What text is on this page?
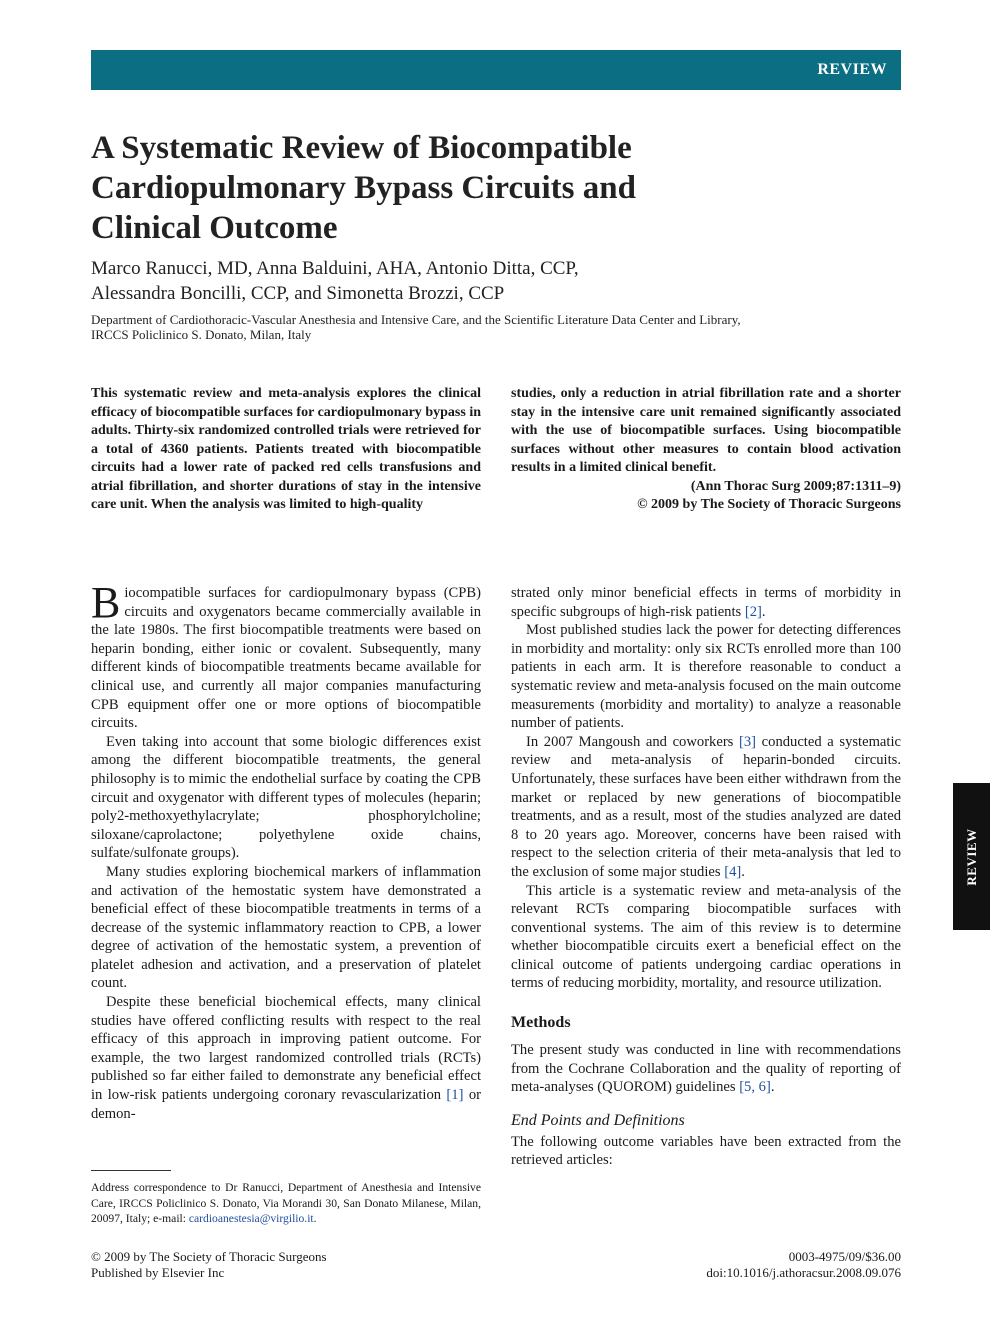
REVIEW
REVIEW
A Systematic Review of Biocompatible Cardiopulmonary Bypass Circuits and Clinical Outcome
Marco Ranucci, MD, Anna Balduini, AHA, Antonio Ditta, CCP,
Alessandra Boncilli, CCP, and Simonetta Brozzi, CCP
Department of Cardiothoracic-Vascular Anesthesia and Intensive Care, and the Scientific Literature Data Center and Library,
IRCCS Policlinico S. Donato, Milan, Italy
This systematic review and meta-analysis explores the clinical efficacy of biocompatible surfaces for cardiopulmonary bypass in adults. Thirty-six randomized controlled trials were retrieved for a total of 4360 patients. Patients treated with biocompatible circuits had a lower rate of packed red cells transfusions and atrial fibrillation, and shorter durations of stay in the intensive care unit. When the analysis was limited to high-quality
studies, only a reduction in atrial fibrillation rate and a shorter stay in the intensive care unit remained significantly associated with the use of biocompatible surfaces. Using biocompatible surfaces without other measures to contain blood activation results in a limited clinical benefit.
(Ann Thorac Surg 2009;87:1311–9)
© 2009 by The Society of Thoracic Surgeons

Biocompatible surfaces for cardiopulmonary bypass (CPB) circuits and oxygenators became commercially available in the late 1980s. The first biocompatible treatments were based on heparin bonding, either ionic or covalent. Subsequently, many different kinds of biocompatible treatments became available for clinical use, and currently all major companies manufacturing CPB equipment offer one or more options of biocompatible circuits.

Even taking into account that some biologic differences exist among the different biocompatible treatments, the general philosophy is to mimic the endothelial surface by coating the CPB circuit and oxygenator with different types of molecules (heparin; poly2-methoxyethylacrylate; phosphorylcholine; siloxane/caprolactone; polyethylene oxide chains, sulfate/sulfonate groups).

Many studies exploring biochemical markers of inflammation and activation of the hemostatic system have demonstrated a beneficial effect of these biocompatible treatments in terms of a decrease of the systemic inflammatory reaction to CPB, a lower degree of activation of the hemostatic system, a prevention of platelet adhesion and activation, and a preservation of platelet count.

Despite these beneficial biochemical effects, many clinical studies have offered conflicting results with respect to the real efficacy of this approach in improving patient outcome. For example, the two largest randomized controlled trials (RCTs) published so far either failed to demonstrate any beneficial effect in low-risk patients undergoing coronary revascularization [1] or demon-

strated only minor beneficial effects in terms of morbidity in specific subgroups of high-risk patients [2].

Most published studies lack the power for detecting differences in morbidity and mortality: only six RCTs enrolled more than 100 patients in each arm. It is therefore reasonable to conduct a systematic review and meta-analysis focused on the main outcome measurements (morbidity and mortality) to analyze a reasonable number of patients.

In 2007 Mangoush and coworkers [3] conducted a systematic review and meta-analysis of heparin-bonded circuits. Unfortunately, these surfaces have been either withdrawn from the market or replaced by new generations of biocompatible treatments, and as a result, most of the studies analyzed are dated 8 to 20 years ago. Moreover, concerns have been raised with respect to the selection criteria of their meta-analysis that led to the exclusion of some major studies [4].

This article is a systematic review and meta-analysis of the relevant RCTs comparing biocompatible surfaces with conventional systems. The aim of this review is to determine whether biocompatible circuits exert a beneficial effect on the clinical outcome of patients undergoing cardiac operations in terms of reducing morbidity, mortality, and resource utilization.

Methods

The present study was conducted in line with recommendations from the Cochrane Collaboration and the quality of reporting of meta-analyses (QUOROM) guidelines [5, 6].

End Points and Definitions

The following outcome variables have been extracted from the retrieved articles:

Address correspondence to Dr Ranucci, Department of Anesthesia and Intensive Care, IRCCS Policlinico S. Donato, Via Morandi 30, San Donato Milanese, Milan, 20097, Italy; e-mail: cardioanestesia@virgilio.it.
© 2009 by The Society of Thoracic Surgeons
Published by Elsevier Inc
0003-4975/09/$36.00
doi:10.1016/j.athoracsur.2008.09.076
